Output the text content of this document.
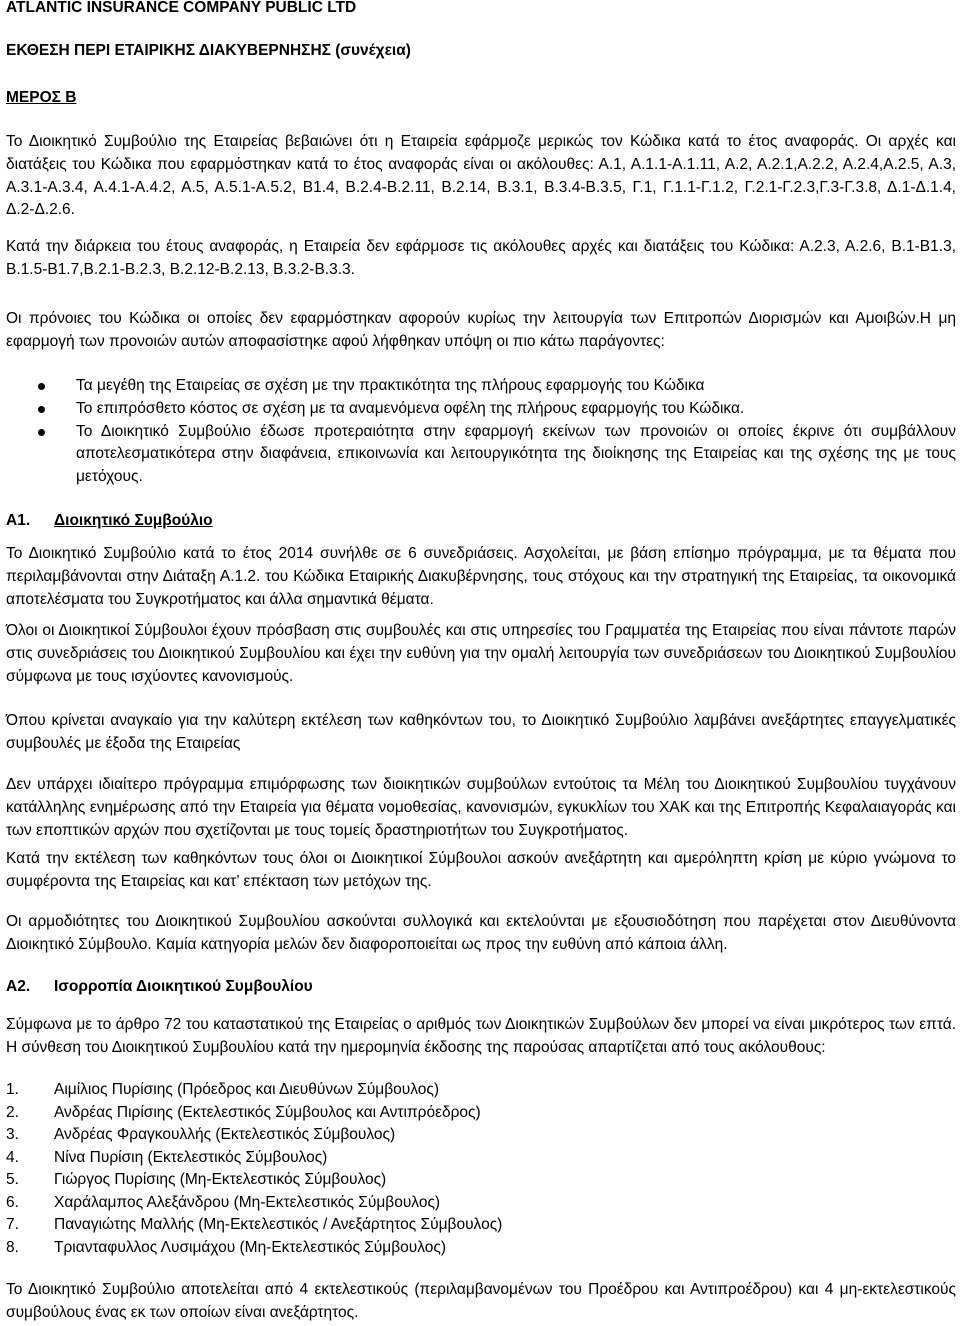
ATLANTIC INSURANCE COMPANY PUBLIC LTD
ΕΚΘΕΣΗ ΠΕΡΙ ΕΤΑΙΡΙΚΗΣ ΔΙΑΚΥΒΕΡΝΗΣΗΣ (συνέχεια)
ΜΕΡΟΣ Β

Το Διοικητικό Συμβούλιο της Εταιρείας βεβαιώνει ότι η Εταιρεία εφάρμοζε μερικώς τον Κώδικα κατά το έτος αναφοράς. Οι αρχές και διατάξεις του Κώδικα που εφαρμόστηκαν κατά το έτος αναφοράς είναι οι ακόλουθες: Α.1, Α.1.1-Α.1.11, Α.2, Α.2.1,Α.2.2, Α.2.4,Α.2.5, Α.3, Α.3.1-Α.3.4, Α.4.1-Α.4.2, Α.5, Α.5.1-Α.5.2, Β1.4, Β.2.4-Β.2.11, Β.2.14, Β.3.1, Β.3.4-Β.3.5, Γ.1, Γ.1.1-Γ.1.2, Γ.2.1-Γ.2.3,Γ.3-Γ.3.8, Δ.1-Δ.1.4, Δ.2-Δ.2.6.

Κατά την διάρκεια του έτους αναφοράς, η Εταιρεία δεν εφάρμοσε τις ακόλουθες αρχές και διατάξεις του Κώδικα: Α.2.3, Α.2.6, Β.1-Β1.3, Β.1.5-Β1.7,Β.2.1-Β.2.3, Β.2.12-Β.2.13, Β.3.2-Β.3.3.

Οι πρόνοιες του Κώδικα οι οποίες δεν εφαρμόστηκαν αφορούν κυρίως την λειτουργία των Επιτροπών Διορισμών και Αμοιβών.Η μη εφαρμογή των προνοιών αυτών αποφασίστηκε αφού λήφθηκαν υπόψη οι πιο κάτω παράγοντες:

Τα μεγέθη της Εταιρείας σε σχέση με την πρακτικότητα της πλήρους εφαρμογής του Κώδικα
Το επιπρόσθετο κόστος σε σχέση με τα αναμενόμενα οφέλη της πλήρους εφαρμογής του Κώδικα.
Το Διοικητικό Συμβούλιο έδωσε προτεραιότητα στην εφαρμογή εκείνων των προνοιών οι οποίες έκρινε ότι συμβάλλουν αποτελεσματικότερα στην διαφάνεια, επικοινωνία και λειτουργικότητα της διοίκησης της Εταιρείας και της σχέσης της με τους μετόχους.
Α1. Διοικητικό Συμβούλιο

Το Διοικητικό Συμβούλιο κατά το έτος 2014 συνήλθε σε 6 συνεδριάσεις. Ασχολείται, με βάση επίσημο πρόγραμμα, με τα θέματα που περιλαμβάνονται στην Διάταξη Α.1.2. του Κώδικα Εταιρικής Διακυβέρνησης, τους στόχους και την στρατηγική της Εταιρείας, τα οικονομικά αποτελέσματα του Συγκροτήματος και άλλα σημαντικά θέματα.

Όλοι οι Διοικητικοί Σύμβουλοι έχουν πρόσβαση στις συμβουλές και στις υπηρεσίες του Γραμματέα της Εταιρείας που είναι πάντοτε παρών στις συνεδριάσεις του Διοικητικού Συμβουλίου και έχει την ευθύνη για την ομαλή λειτουργία των συνεδριάσεων του Διοικητικού Συμβουλίου σύμφωνα με τους ισχύοντες κανονισμούς.

Όπου κρίνεται αναγκαίο για την καλύτερη εκτέλεση των καθηκόντων του, το Διοικητικό Συμβούλιο λαμβάνει ανεξάρτητες επαγγελματικές συμβουλές με έξοδα της Εταιρείας

Δεν υπάρχει ιδιαίτερο πρόγραμμα επιμόρφωσης των διοικητικών συμβούλων εντούτοις τα Μέλη του Διοικητικού Συμβουλίου τυγχάνουν κατάλληλης ενημέρωσης από την Εταιρεία για θέματα νομοθεσίας, κανονισμών, εγκυκλίων του ΧΑΚ και της Επιτροπής Κεφαλαιαγοράς και των εποπτικών αρχών που σχετίζονται με τους τομείς δραστηριοτήτων του Συγκροτήματος.

Κατά την εκτέλεση των καθηκόντων τους όλοι οι Διοικητικοί Σύμβουλοι ασκούν ανεξάρτητη και αμερόληπτη κρίση με κύριο γνώμονα το συμφέροντα της Εταιρείας και κατ’ επέκταση των μετόχων της.

Οι αρμοδιότητες του Διοικητικού Συμβουλίου ασκούνται συλλογικά και εκτελούνται με εξουσιοδότηση που παρέχεται στον Διευθύνοντα Διοικητικό Σύμβουλο. Καμία κατηγορία μελών δεν διαφοροποιείται ως προς την ευθύνη από κάποια άλλη.

Α2. Ισορροπία Διοικητικού Συμβουλίου

Σύμφωνα με το άρθρο 72 του καταστατικού της Εταιρείας ο αριθμός των Διοικητικών Συμβούλων δεν μπορεί να είναι μικρότερος των επτά. Η σύνθεση του Διοικητικού Συμβουλίου κατά την ημερομηνία έκδοσης της παρούσας απαρτίζεται από τους ακόλουθους:

1. Αιμίλιος Πυρίσιης (Πρόεδρος και Διευθύνων Σύμβουλος)
2. Ανδρέας Πιρίσιης (Εκτελεστικός Σύμβουλος και Αντιπρόεδρος)
3. Ανδρέας Φραγκουλλής (Εκτελεστικός Σύμβουλος)
4. Νίνα Πυρίσιη (Εκτελεστικός Σύμβουλος)
5. Γιώργος Πυρίσιης (Μη-Εκτελεστικός Σύμβουλος)
6. Χαράλαμπος Αλεξάνδρου (Μη-Εκτελεστικός Σύμβουλος)
7. Παναγιώτης Μαλλής (Μη-Εκτελεστικός / Ανεξάρτητος Σύμβουλος)
8. Τριανταφυλλος Λυσιμάχου (Μη-Εκτελεστικός Σύμβουλος)

Το Διοικητικό Συμβούλιο αποτελείται από 4 εκτελεστικούς (περιλαμβανομένων του Προέδρου και Αντιπροέδρου) και 4 μη-εκτελεστικούς συμβούλους ένας εκ των οποίων είναι ανεξάρτητος.
